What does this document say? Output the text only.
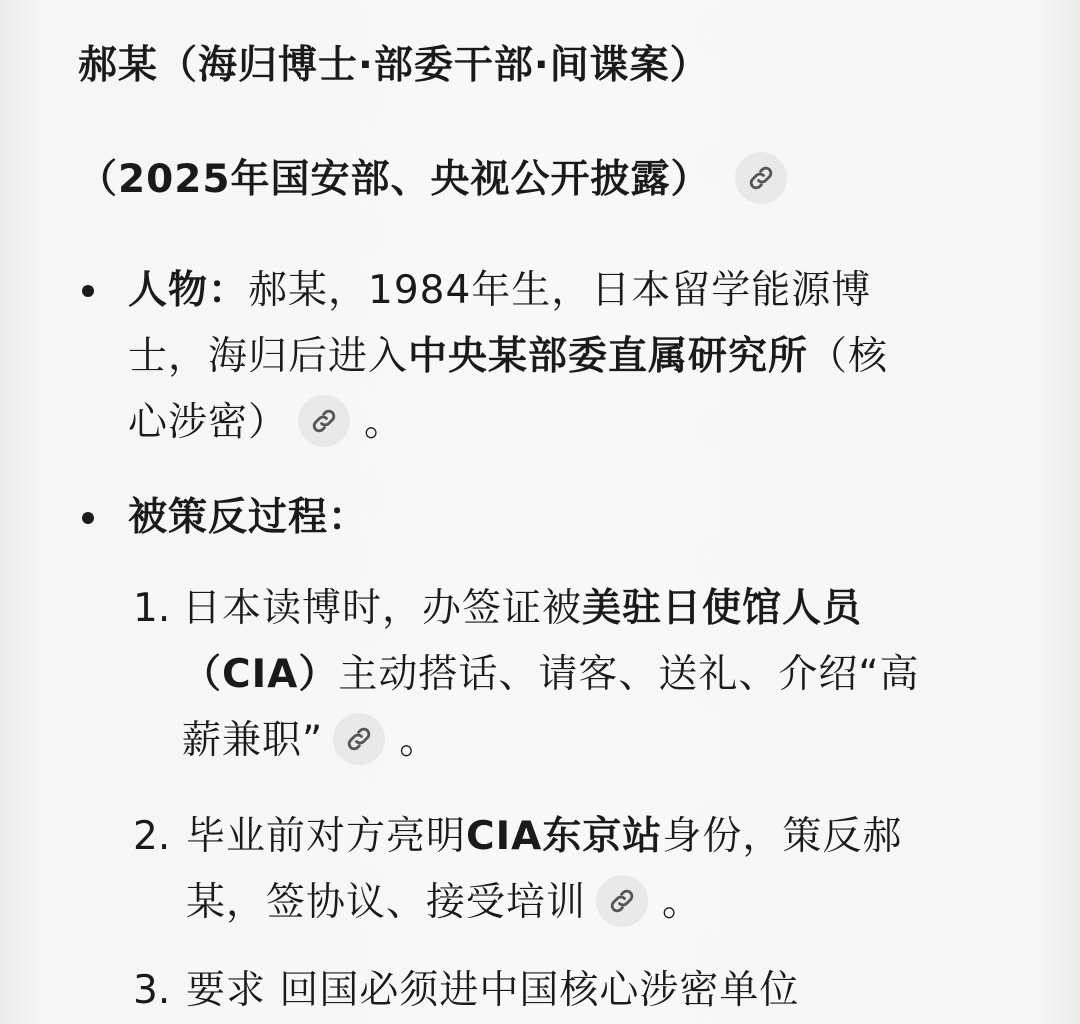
郝某（海归博士·部委干部·间谍案）
（2025年国安部、央视公开披露）
人物：郝某，1984年生，日本留学能源博
士，海归后进入中央某部委直属研究所（核
心涉密） 。
被策反过程：
1. 日本读博时，办签证被美驻日使馆人员
（CIA）主动搭话、请客、送礼、介绍“高
薪兼职” 。
2. 毕业前对方亮明CIA东京站身份，策反郝
某，签协议、接受培训 。
3. 要求 回国必须进中国核心涉密单位
